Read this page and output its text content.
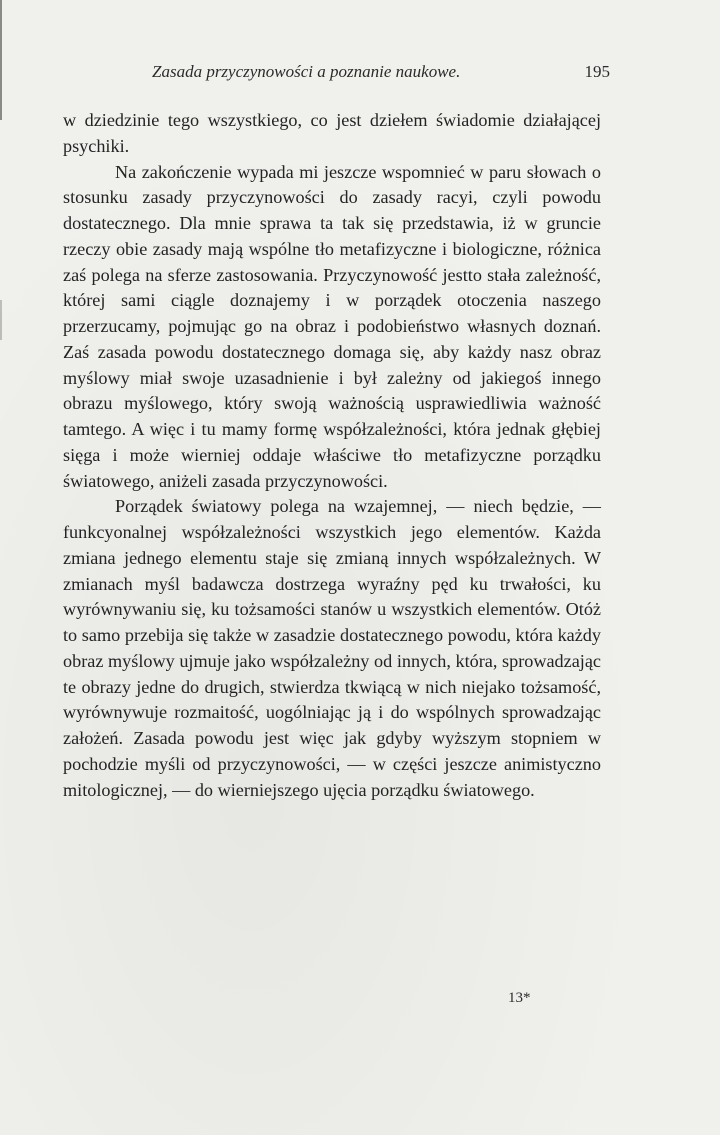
Zasada przyczynowości a poznanie naukowe.	195

w dziedzinie tego wszystkiego, co jest dziełem świadomie działającej psychiki.

Na zakończenie wypada mi jeszcze wspomnieć w paru słowach o stosunku zasady przyczynowości do zasady racyi, czyli powodu dostatecznego. Dla mnie sprawa ta tak się przedstawia, iż w gruncie rzeczy obie zasady mają wspólne tło metafizyczne i biologiczne, różnica zaś polega na sferze zastosowania. Przyczynowość jestto stała zależność, której sami ciągle doznajemy i w porządek otoczenia naszego przerzucamy, pojmując go na obraz i podobieństwo własnych doznań. Zaś zasada powodu dostatecznego domaga się, aby każdy nasz obraz myślowy miał swoje uzasadnienie i był zależny od jakiegoś innego obrazu myślowego, który swoją ważnością usprawiedliwia ważność tamtego. A więc i tu mamy formę współzależności, która jednak głębiej sięga i może wierniej oddaje właściwe tło metafizyczne porządku światowego, aniżeli zasada przyczynowości.

Porządek światowy polega na wzajemnej, — niech będzie, — funkcyonalnej współzależności wszystkich jego elementów. Każda zmiana jednego elementu staje się zmianą innych współzależnych. W zmianach myśl badawcza dostrzega wyraźny pęd ku trwałości, ku wyrównywaniu się, ku tożsamości stanów u wszystkich elementów. Otóż to samo przebija się także w zasadzie dostatecznego powodu, która każdy obraz myślowy ujmuje jako współzależny od innych, która, sprowadzając te obrazy jedne do drugich, stwierdza tkwiącą w nich niejako tożsamość, wyrównywuje rozmaitość, uogólniając ją i do wspólnych sprowadzając założeń. Zasada powodu jest więc jak gdyby wyższym stopniem w pochodzie myśli od przyczynowości, — w części jeszcze animistyczno mitologicznej, — do wierniejszego ujęcia porządku światowego.

13*
